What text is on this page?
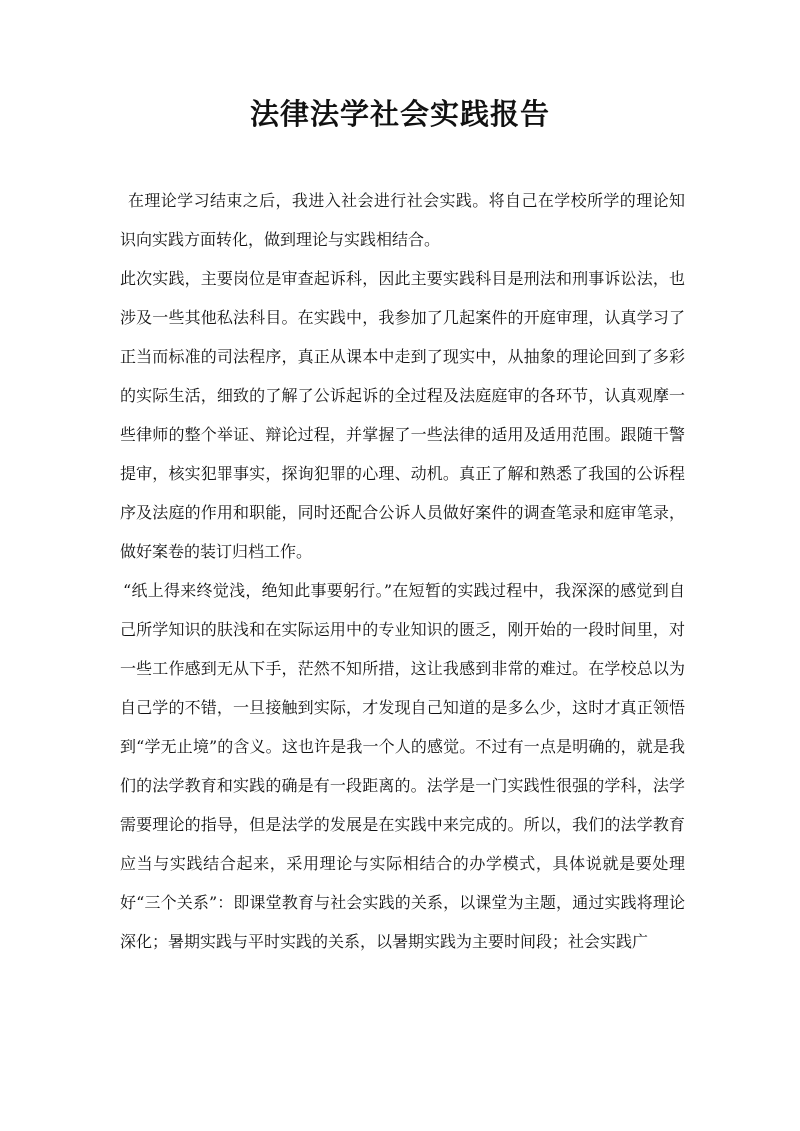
法律法学社会实践报告

在理论学习结束之后，我进入社会进行社会实践。将自己在学校所学的理论知识向实践方面转化，做到理论与实践相结合。

此次实践，主要岗位是审查起诉科，因此主要实践科目是刑法和刑事诉讼法，也涉及一些其他私法科目。在实践中，我参加了几起案件的开庭审理，认真学习了正当而标准的司法程序，真正从课本中走到了现实中，从抽象的理论回到了多彩的实际生活，细致的了解了公诉起诉的全过程及法庭庭审的各环节，认真观摩一些律师的整个举证、辩论过程，并掌握了一些法律的适用及适用范围。跟随干警提审，核实犯罪事实，探询犯罪的心理、动机。真正了解和熟悉了我国的公诉程序及法庭的作用和职能，同时还配合公诉人员做好案件的调查笔录和庭审笔录，做好案卷的装订归档工作。

“纸上得来终觉浅，绝知此事要躬行。”在短暂的实践过程中，我深深的感觉到自己所学知识的肤浅和在实际运用中的专业知识的匮乏，刚开始的一段时间里，对一些工作感到无从下手，茫然不知所措，这让我感到非常的难过。在学校总以为自己学的不错，一旦接触到实际，才发现自己知道的是多么少，这时才真正领悟到“学无止境”的含义。这也许是我一个人的感觉。不过有一点是明确的，就是我们的法学教育和实践的确是有一段距离的。法学是一门实践性很强的学科，法学需要理论的指导，但是法学的发展是在实践中来完成的。所以，我们的法学教育应当与实践结合起来，采用理论与实际相结合的办学模式，具体说就是要处理好“三个关系”：即课堂教育与社会实践的关系，以课堂为主题，通过实践将理论深化；暑期实践与平时实践的关系，以暑期实践为主要时间段；社会实践广
